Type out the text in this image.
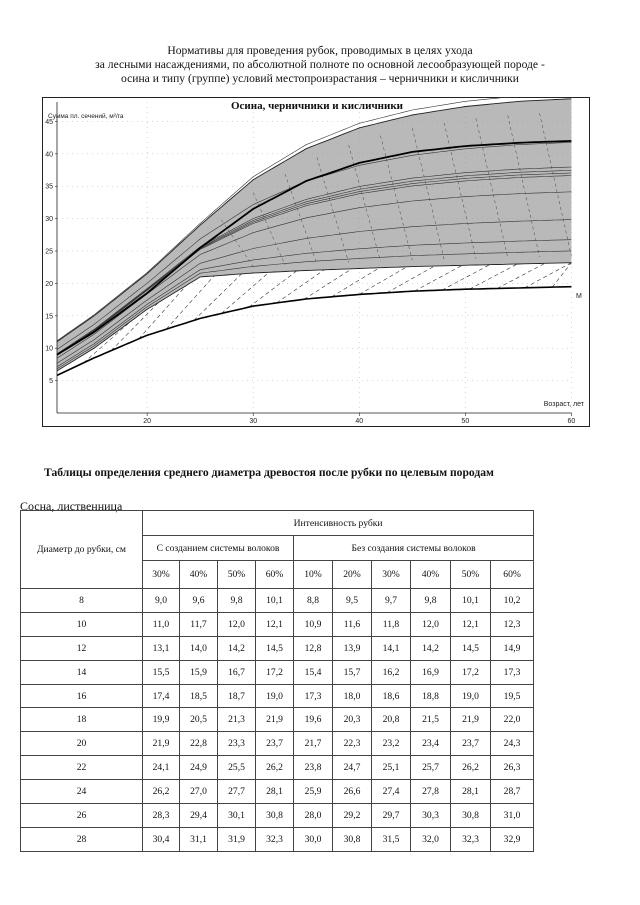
Нормативы для проведения рубок, проводимых в целях ухода
за лесными насаждениями, по абсолютной полноте по основной лесообразующей породе -
осина и типу (группе) условий местопроизрастания – черничники и кисличники
20	30	40	50	60
5
10
15
20
25
30
35
40
45
Осина, черничники и кисличники
Сумма пл. сечений, м²/га
Возраст, лет
M
Таблицы определения среднего диаметра древостоя после рубки по целевым породам
Сосна, лиственница
Диаметр до рубки, см	Интенсивность рубки									
	С созданием системы волоков				Без создания системы волоков					
	30%	40%	50%	60%	10%	20%	30%	40%	50%	60%
8	9,0	9,6	9,8	10,1	8,8	9,5	9,7	9,8	10,1	10,2
10	11,0	11,7	12,0	12,1	10,9	11,6	11,8	12,0	12,1	12,3
12	13,1	14,0	14,2	14,5	12,8	13,9	14,1	14,2	14,5	14,9
14	15,5	15,9	16,7	17,2	15,4	15,7	16,2	16,9	17,2	17,3
16	17,4	18,5	18,7	19,0	17,3	18,0	18,6	18,8	19,0	19,5
18	19,9	20,5	21,3	21,9	19,6	20,3	20,8	21,5	21,9	22,0
20	21,9	22,8	23,3	23,7	21,7	22,3	23,2	23,4	23,7	24,3
22	24,1	24,9	25,5	26,2	23,8	24,7	25,1	25,7	26,2	26,3
24	26,2	27,0	27,7	28,1	25,9	26,6	27,4	27,8	28,1	28,7
26	28,3	29,4	30,1	30,8	28,0	29,2	29,7	30,3	30,8	31,0
28	30,4	31,1	31,9	32,3	30,0	30,8	31,5	32,0	32,3	32,9
